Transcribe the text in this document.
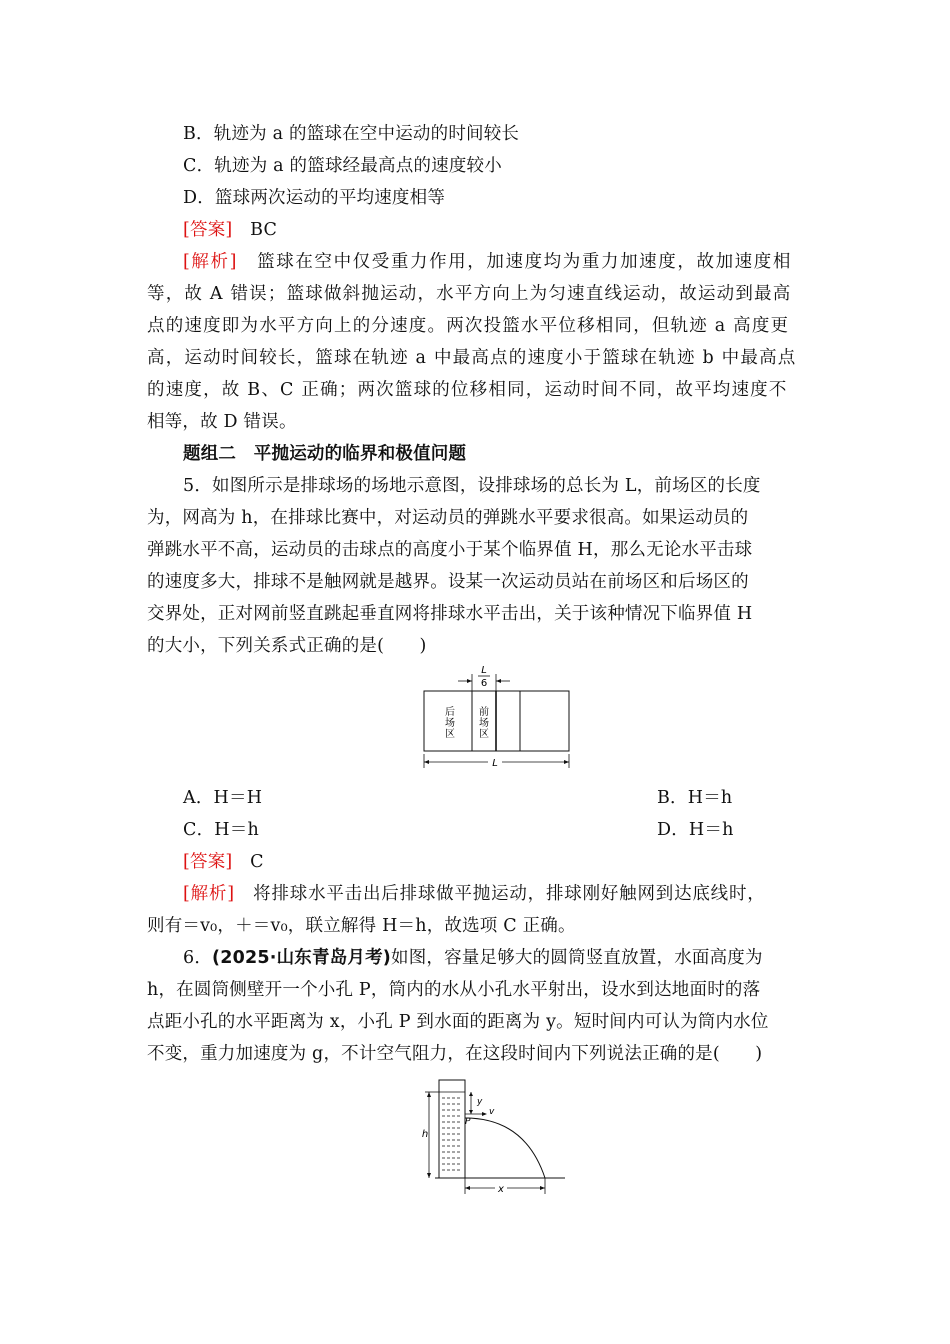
B．轨迹为 a 的篮球在空中运动的时间较长
C．轨迹为 a 的篮球经最高点的速度较小
D．篮球两次运动的平均速度相等
[答案]　 BC
[解析]　 篮球在空中仅受重力作用，加速度均为重力加速度，故加速度相
等，故 A 错误；篮球做斜抛运动，水平方向上为匀速直线运动，故运动到最高
点的速度即为水平方向上的分速度。两次投篮水平位移相同，但轨迹 a 高度更
高，运动时间较长，篮球在轨迹 a 中最高点的速度小于篮球在轨迹 b 中最高点
的速度，故 B、C 正确；两次篮球的位移相同，运动时间不同，故平均速度不
相等，故 D 错误。
题组二　平抛运动的临界和极值问题
5．如图所示是排球场的场地示意图，设排球场的总长为 L，前场区的长度
为，网高为 h，在排球比赛中，对运动员的弹跳水平要求很高。如果运动员的
弹跳水平不高，运动员的击球点的高度小于某个临界值 H，那么无论水平击球
的速度多大，排球不是触网就是越界。设某一次运动员站在前场区和后场区的
交界处，正对网前竖直跳起垂直网将排球水平击出，关于该种情况下临界值 H
的大小，下列关系式正确的是(　　)
L
6
后
场
区
前
场
区
L
A．H＝H	B．H＝h
C．H＝h	D．H＝h
[答案]　 C
[解析]　 将排球水平击出后排球做平抛运动，排球刚好触网到达底线时，
则有＝v₀，＋＝v₀，联立解得 H＝h，故选项 C 正确。
6．(2025·山东青岛月考)如图，容量足够大的圆筒竖直放置，水面高度为
h，在圆筒侧壁开一个小孔 P，筒内的水从小孔水平射出，设水到达地面时的落
点距小孔的水平距离为 x，小孔 P 到水面的距离为 y。短时间内可认为筒内水位
不变，重力加速度为 g，不计空气阻力，在这段时间内下列说法正确的是(　　)
h
y
v
P
x
